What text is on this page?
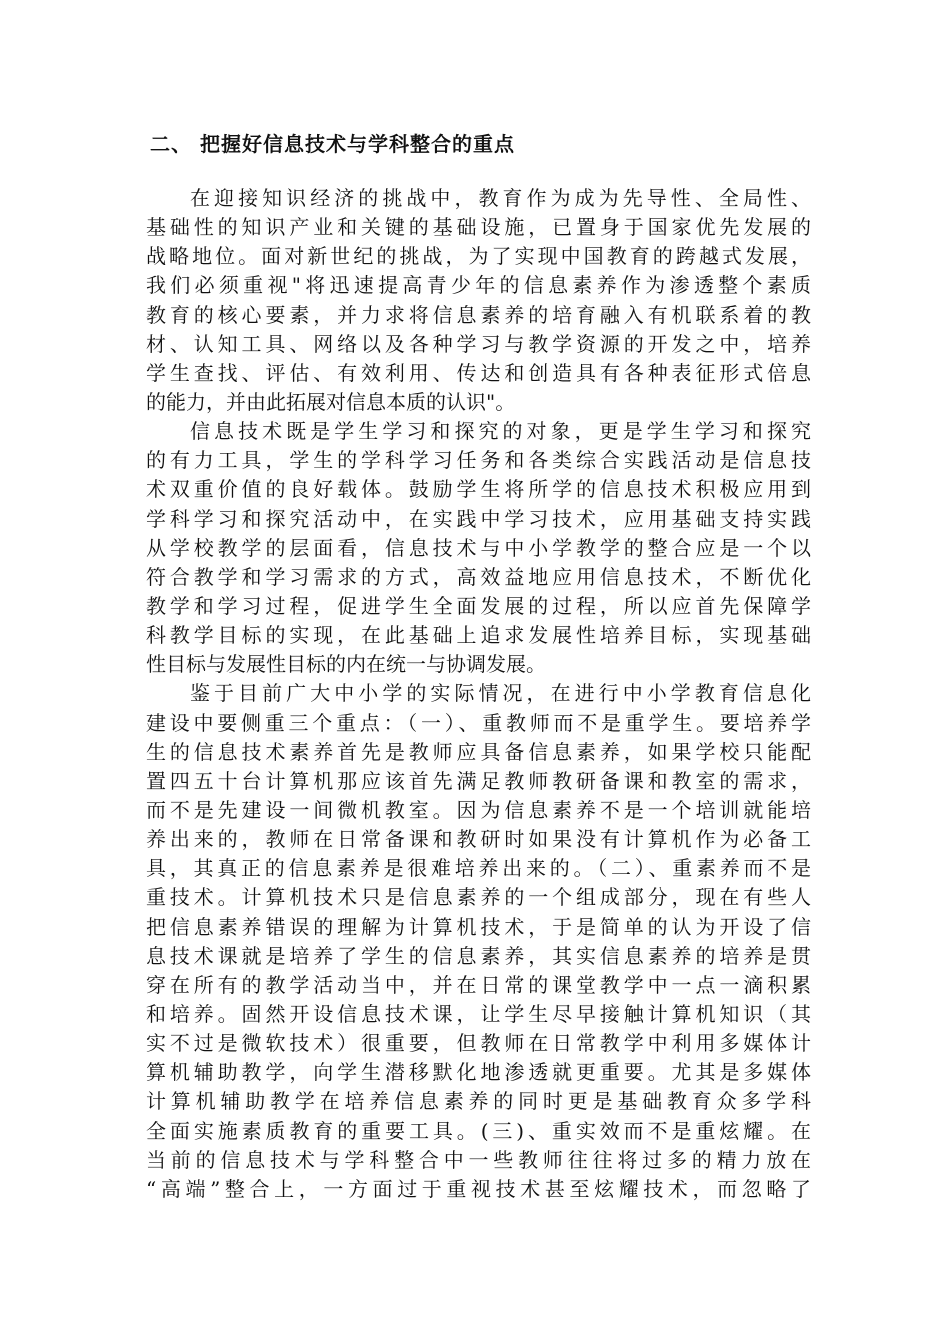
二、 把握好信息技术与学科整合的重点
在迎接知识经济的挑战中，教育作为成为先导性、全局性、
基础性的知识产业和关键的基础设施，已置身于国家优先发展的
战略地位。面对新世纪的挑战，为了实现中国教育的跨越式发展，
我们必须重视"将迅速提高青少年的信息素养作为渗透整个素质
教育的核心要素，并力求将信息素养的培育融入有机联系着的教
材、认知工具、网络以及各种学习与教学资源的开发之中，培养
学生查找、评估、有效利用、传达和创造具有各种表征形式倍息
的能力，并由此拓展对信息本质的认识"。
信息技术既是学生学习和探究的对象，更是学生学习和探究
的有力工具，学生的学科学习任务和各类综合实践活动是信息技
术双重价值的良好载体。鼓励学生将所学的信息技术积极应用到
学科学习和探究活动中，在实践中学习技术，应用基础支持实践
从学校教学的层面看，信息技术与中小学教学的整合应是一个以
符合教学和学习需求的方式，高效益地应用信息技术，不断优化
教学和学习过程，促进学生全面发展的过程，所以应首先保障学
科教学目标的实现，在此基础上追求发展性培养目标，实现基础
性目标与发展性目标的内在统一与协调发展。
鉴于目前广大中小学的实际情况，在进行中小学教育信息化
建设中要侧重三个重点：（一）、重教师而不是重学生。要培养学
生的信息技术素养首先是教师应具备信息素养，如果学校只能配
置四五十台计算机那应该首先满足教师教研备课和教室的需求，
而不是先建设一间微机教室。因为信息素养不是一个培训就能培
养出来的，教师在日常备课和教研时如果没有计算机作为必备工
具，其真正的信息素养是很难培养出来的。（二）、重素养而不是
重技术。计算机技术只是信息素养的一个组成部分，现在有些人
把信息素养错误的理解为计算机技术，于是简单的认为开设了信
息技术课就是培养了学生的信息素养，其实信息素养的培养是贯
穿在所有的教学活动当中，并在日常的课堂教学中一点一滴积累
和培养。固然开设信息技术课，让学生尽早接触计算机知识（其
实不过是微软技术）很重要，但教师在日常教学中利用多媒体计
算机辅助教学，向学生潜移默化地渗透就更重要。尤其是多媒体
计算机辅助教学在培养信息素养的同时更是基础教育众多学科
全面实施素质教育的重要工具。(三)、重实效而不是重炫耀。在
当前的信息技术与学科整合中一些教师往往将过多的精力放在
“高端”整合上，一方面过于重视技术甚至炫耀技术，而忽略了
